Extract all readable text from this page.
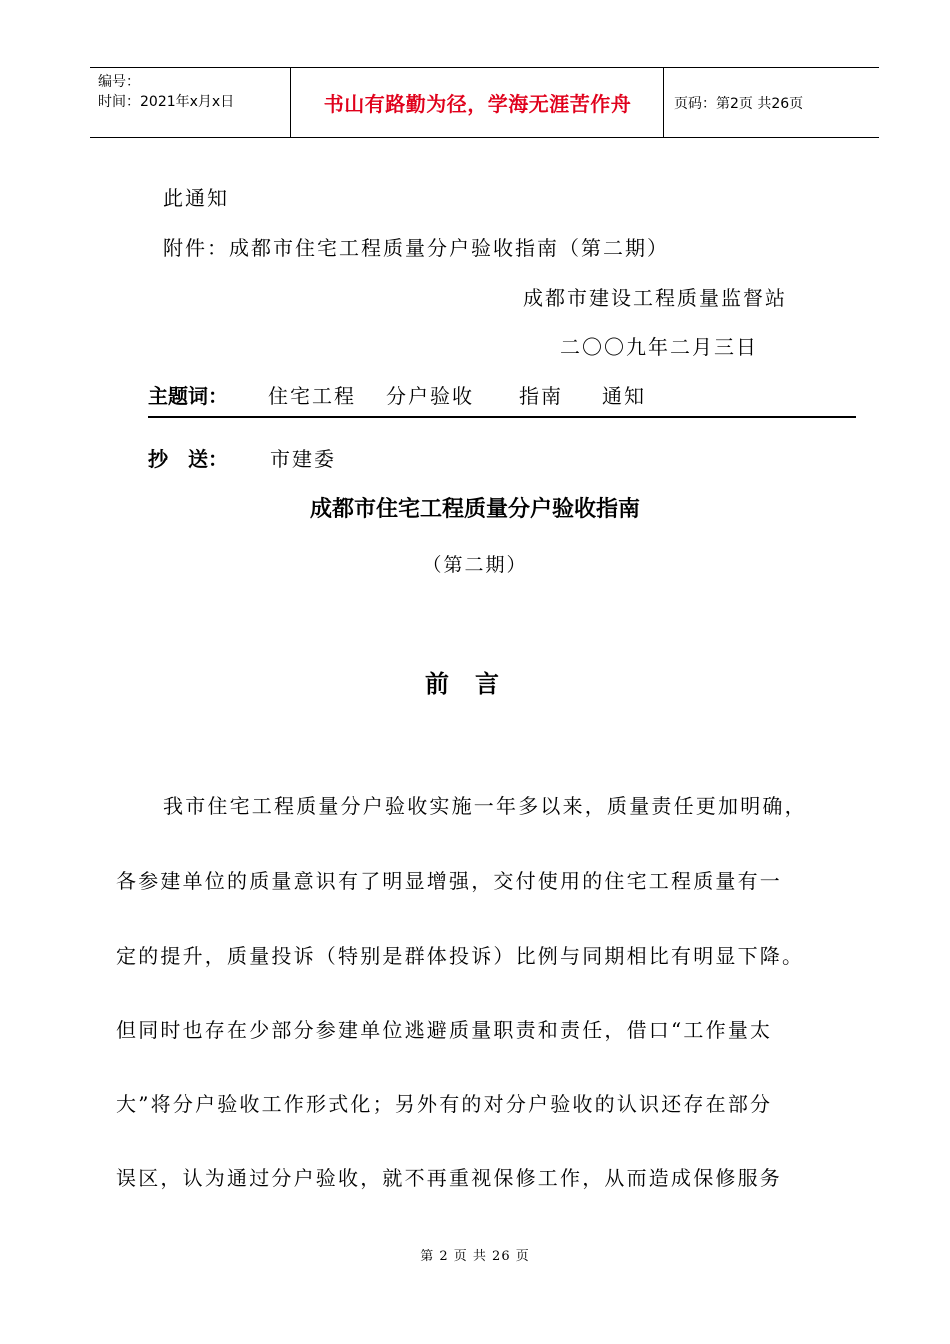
编号：
时间：2021年x月x日	书山有路勤为径，学海无涯苦作舟	页码：第2页 共26页
此通知
附件：成都市住宅工程质量分户验收指南（第二期）
成都市建设工程质量监督站
二〇〇九年二月三日
主题词： 住宅工程 分户验收 指南 通知
抄　送： 市建委
成都市住宅工程质量分户验收指南
（第二期）
前言
我市住宅工程质量分户验收实施一年多以来，质量责任更加明确，
各参建单位的质量意识有了明显增强，交付使用的住宅工程质量有一
定的提升，质量投诉（特别是群体投诉）比例与同期相比有明显下降。
但同时也存在少部分参建单位逃避质量职责和责任，借口“工作量太
大”将分户验收工作形式化；另外有的对分户验收的认识还存在部分
误区，认为通过分户验收，就不再重视保修工作，从而造成保修服务
第 2 页 共 26 页
